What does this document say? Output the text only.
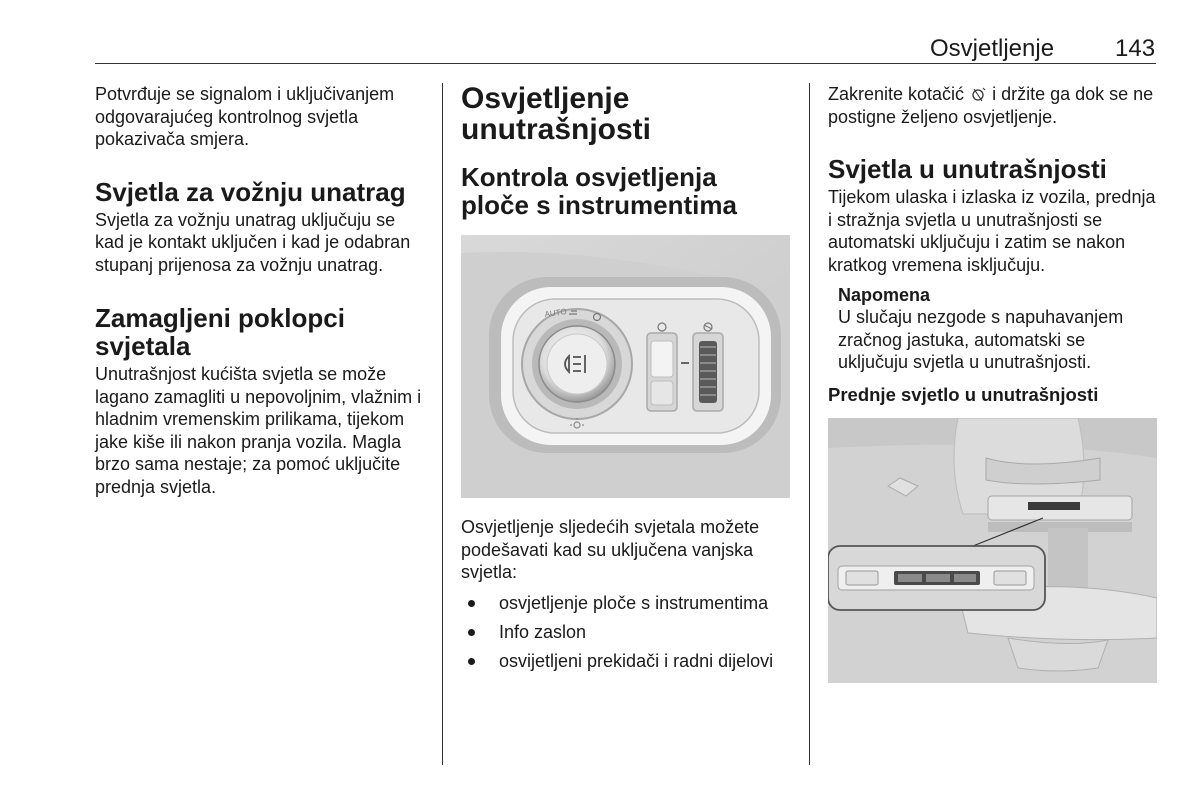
Osvjetljenje	143

Potvrđuje se signalom i uključivanjem odgovarajućeg kontrolnog svjetla pokazivača smjera.

Svjetla za vožnju unatrag

Svjetla za vožnju unatrag uključuju se kad je kontakt uključen i kad je odabran stupanj prijenosa za vožnju unatrag.

Zamagljeni poklopci svjetala

Unutrašnjost kućišta svjetla se može lagano zamagliti u nepovoljnim, vlažnim i hladnim vremenskim prilikama, tijekom jake kiše ili nakon pranja vozila. Magla brzo sama nestaje; za pomoć uključite prednja svjetla.

Osvjetljenje unutrašnjosti
Kontrola osvjetljenja ploče s instrumentima
AUTO

Osvjetljenje sljedećih svjetala možete podešavati kad su uključena vanjska svjetla:

osvjetljenje ploče s instrumentima
Info zaslon
osvijetljeni prekidači i radni dijelovi

Zakrenite kotačić i držite ga dok se ne postigne željeno osvjetljenje.

Svjetla u unutrašnjosti

Tijekom ulaska i izlaska iz vozila, prednja i stražnja svjetla u unutrašnjosti se automatski uključuju i zatim se nakon kratkog vremena isključuju.

Napomena

U slučaju nezgode s napuhavanjem zračnog jastuka, automatski se uključuju svjetla u unutrašnjosti.

Prednje svjetlo u unutrašnjosti
